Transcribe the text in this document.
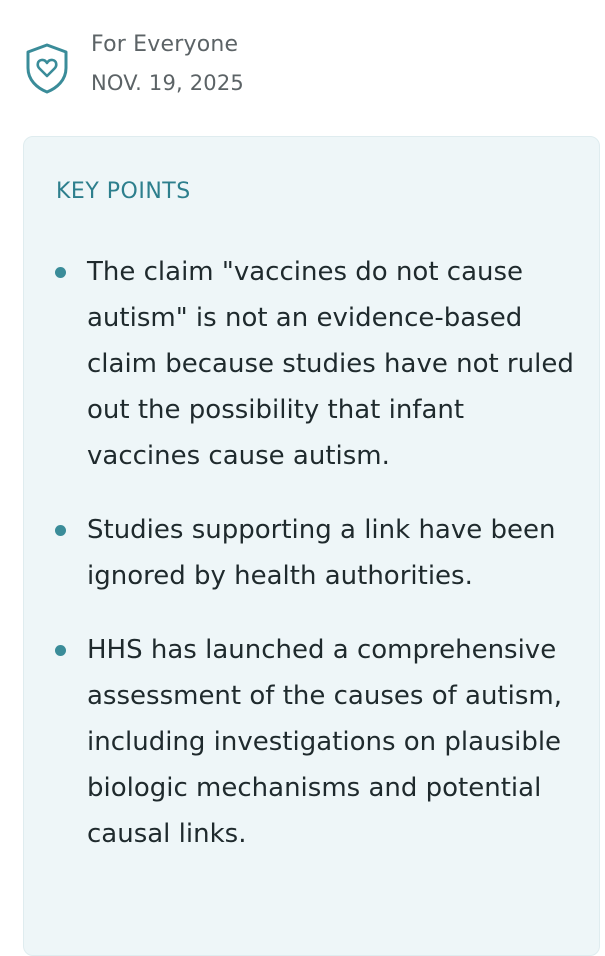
For Everyone
NOV. 19, 2025
KEY POINTS
The claim "vaccines do not cause autism" is not an evidence-based claim because studies have not ruled out the possibility that infant vaccines cause autism.
Studies supporting a link have been ignored by health authorities.
HHS has launched a comprehensive assessment of the causes of autism, including investigations on plausible biologic mechanisms and potential causal links.
